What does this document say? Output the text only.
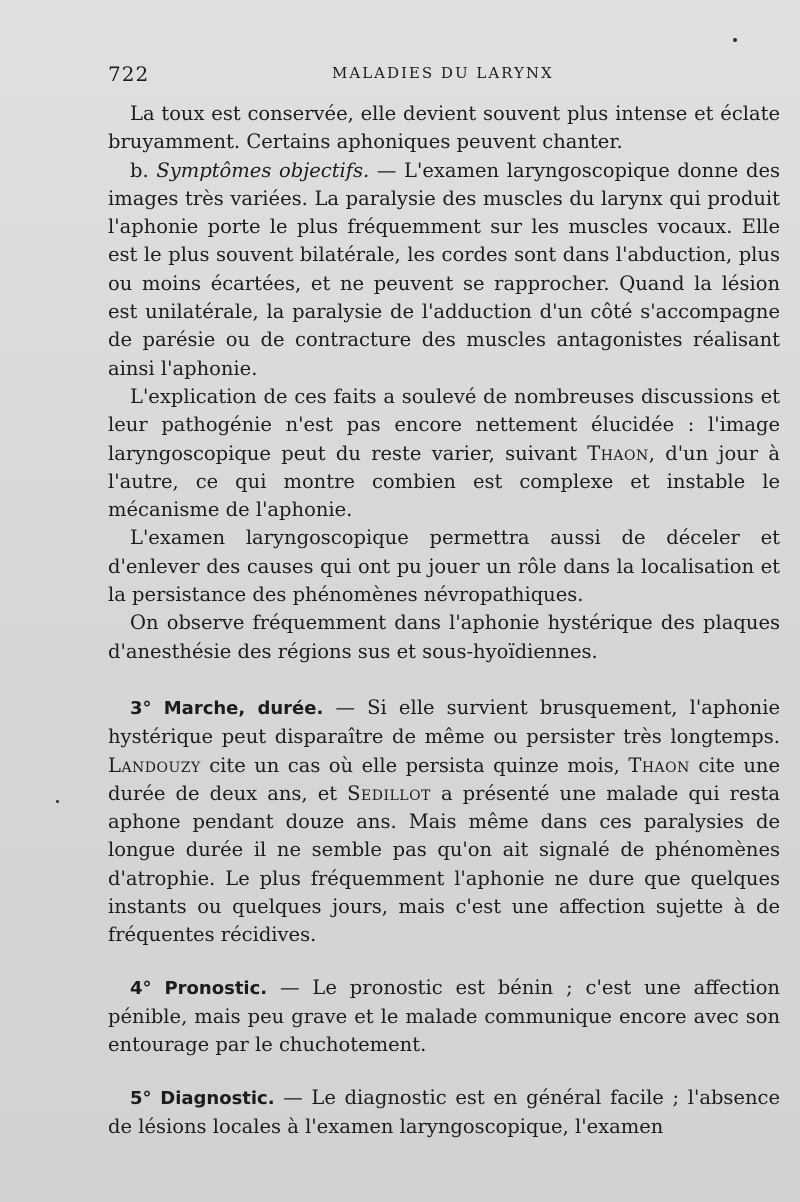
722	MALADIES DU LARYNX

La toux est conservée, elle devient souvent plus intense et éclate bruyamment. Certains aphoniques peuvent chanter.

b. Symptômes objectifs. — L'examen laryngoscopique donne des images très variées. La paralysie des muscles du larynx qui produit l'aphonie porte le plus fréquemment sur les muscles vocaux. Elle est le plus souvent bilatérale, les cordes sont dans l'abduction, plus ou moins écartées, et ne peuvent se rapprocher. Quand la lésion est unilatérale, la paralysie de l'adduction d'un côté s'accompagne de parésie ou de contracture des muscles antagonistes réalisant ainsi l'aphonie.

L'explication de ces faits a soulevé de nombreuses discussions et leur pathogénie n'est pas encore nettement élucidée : l'image laryngoscopique peut du reste varier, suivant Thaon, d'un jour à l'autre, ce qui montre combien est complexe et instable le mécanisme de l'aphonie.

L'examen laryngoscopique permettra aussi de déceler et d'enlever des causes qui ont pu jouer un rôle dans la localisation et la persistance des phénomènes névropathiques.

On observe fréquemment dans l'aphonie hystérique des plaques d'anesthésie des régions sus et sous-hyoïdiennes.

3° Marche, durée. — Si elle survient brusquement, l'aphonie hystérique peut disparaître de même ou persister très longtemps. Landouzy cite un cas où elle persista quinze mois, Thaon cite une durée de deux ans, et Sedillot a présenté une malade qui resta aphone pendant douze ans. Mais même dans ces paralysies de longue durée il ne semble pas qu'on ait signalé de phénomènes d'atrophie. Le plus fréquemment l'aphonie ne dure que quelques instants ou quelques jours, mais c'est une affection sujette à de fréquentes récidives.

4° Pronostic. — Le pronostic est bénin ; c'est une affection pénible, mais peu grave et le malade communique encore avec son entourage par le chuchotement.

5° Diagnostic. — Le diagnostic est en général facile ; l'absence de lésions locales à l'examen laryngoscopique, l'examen
